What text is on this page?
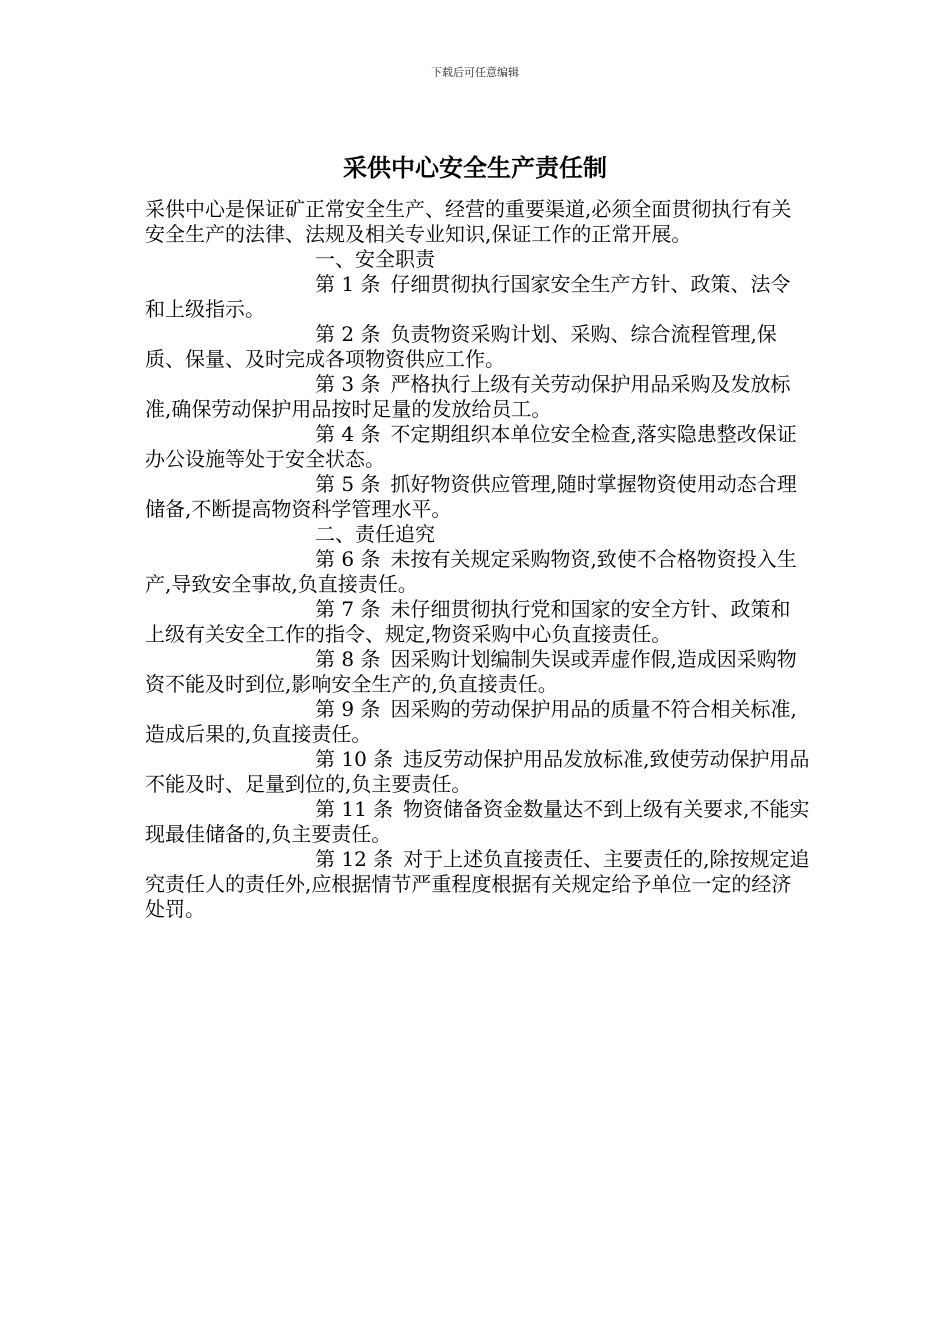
下载后可任意编辑
采供中心安全生产责任制

采供中心是保证矿正常安全生产、经营的重要渠道,必须全面贯彻执行有关安全生产的法律、法规及相关专业知识,保证工作的正常开展。

一、安全职责

第 1 条 仔细贯彻执行国家安全生产方针、政策、法令和上级指示。

第 2 条 负责物资采购计划、采购、综合流程管理,保质、保量、及时完成各项物资供应工作。

第 3 条 严格执行上级有关劳动保护用品采购及发放标准,确保劳动保护用品按时足量的发放给员工。

第 4 条 不定期组织本单位安全检查,落实隐患整改保证办公设施等处于安全状态。

第 5 条 抓好物资供应管理,随时掌握物资使用动态合理储备,不断提高物资科学管理水平。

二、责任追究

第 6 条 未按有关规定采购物资,致使不合格物资投入生产,导致安全事故,负直接责任。

第 7 条 未仔细贯彻执行党和国家的安全方针、政策和上级有关安全工作的指令、规定,物资采购中心负直接责任。

第 8 条 因采购计划编制失误或弄虚作假,造成因采购物资不能及时到位,影响安全生产的,负直接责任。

第 9 条 因采购的劳动保护用品的质量不符合相关标准,造成后果的,负直接责任。

第 10 条 违反劳动保护用品发放标准,致使劳动保护用品不能及时、足量到位的,负主要责任。

第 11 条 物资储备资金数量达不到上级有关要求,不能实现最佳储备的,负主要责任。

第 12 条 对于上述负直接责任、主要责任的,除按规定追究责任人的责任外,应根据情节严重程度根据有关规定给予单位一定的经济处罚。
